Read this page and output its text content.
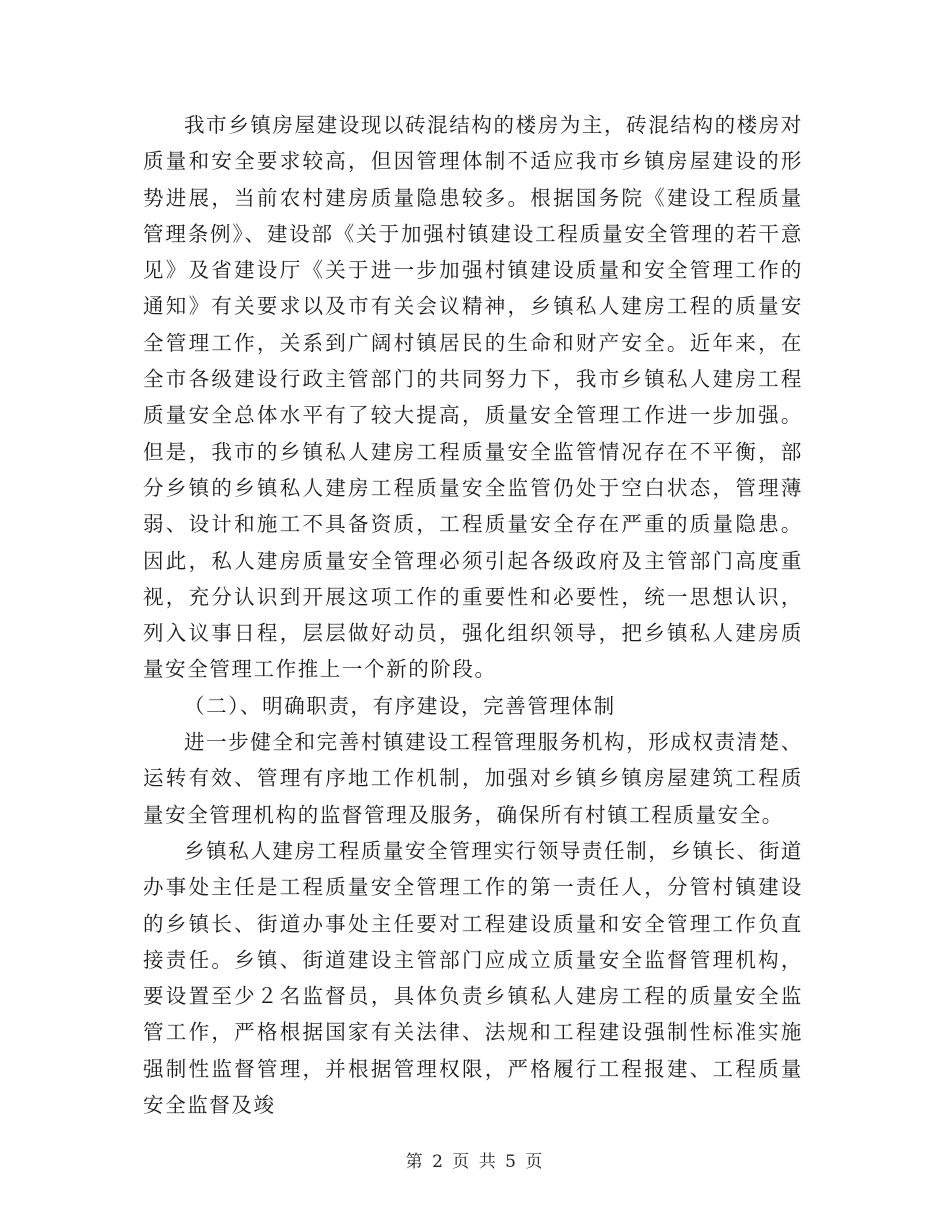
我市乡镇房屋建设现以砖混结构的楼房为主，砖混结构的楼房对质量和安全要求较高，但因管理体制不适应我市乡镇房屋建设的形势进展，当前农村建房质量隐患较多。根据国务院《建设工程质量管理条例》、建设部《关于加强村镇建设工程质量安全管理的若干意见》及省建设厅《关于进一步加强村镇建设质量和安全管理工作的通知》有关要求以及市有关会议精神，乡镇私人建房工程的质量安全管理工作，关系到广阔村镇居民的生命和财产安全。近年来，在全市各级建设行政主管部门的共同努力下，我市乡镇私人建房工程质量安全总体水平有了较大提高，质量安全管理工作进一步加强。但是，我市的乡镇私人建房工程质量安全监管情况存在不平衡，部分乡镇的乡镇私人建房工程质量安全监管仍处于空白状态，管理薄弱、设计和施工不具备资质，工程质量安全存在严重的质量隐患。因此，私人建房质量安全管理必须引起各级政府及主管部门高度重视，充分认识到开展这项工作的重要性和必要性，统一思想认识，列入议事日程，层层做好动员，强化组织领导，把乡镇私人建房质量安全管理工作推上一个新的阶段。

（二）、明确职责，有序建设，完善管理体制

进一步健全和完善村镇建设工程管理服务机构，形成权责清楚、运转有效、管理有序地工作机制，加强对乡镇乡镇房屋建筑工程质量安全管理机构的监督管理及服务，确保所有村镇工程质量安全。

乡镇私人建房工程质量安全管理实行领导责任制，乡镇长、街道办事处主任是工程质量安全管理工作的第一责任人，分管村镇建设的乡镇长、街道办事处主任要对工程建设质量和安全管理工作负直接责任。乡镇、街道建设主管部门应成立质量安全监督管理机构，要设置至少２名监督员，具体负责乡镇私人建房工程的质量安全监管工作，严格根据国家有关法律、法规和工程建设强制性标准实施强制性监督管理，并根据管理权限，严格履行工程报建、工程质量安全监督及竣

第 2 页 共 5 页
